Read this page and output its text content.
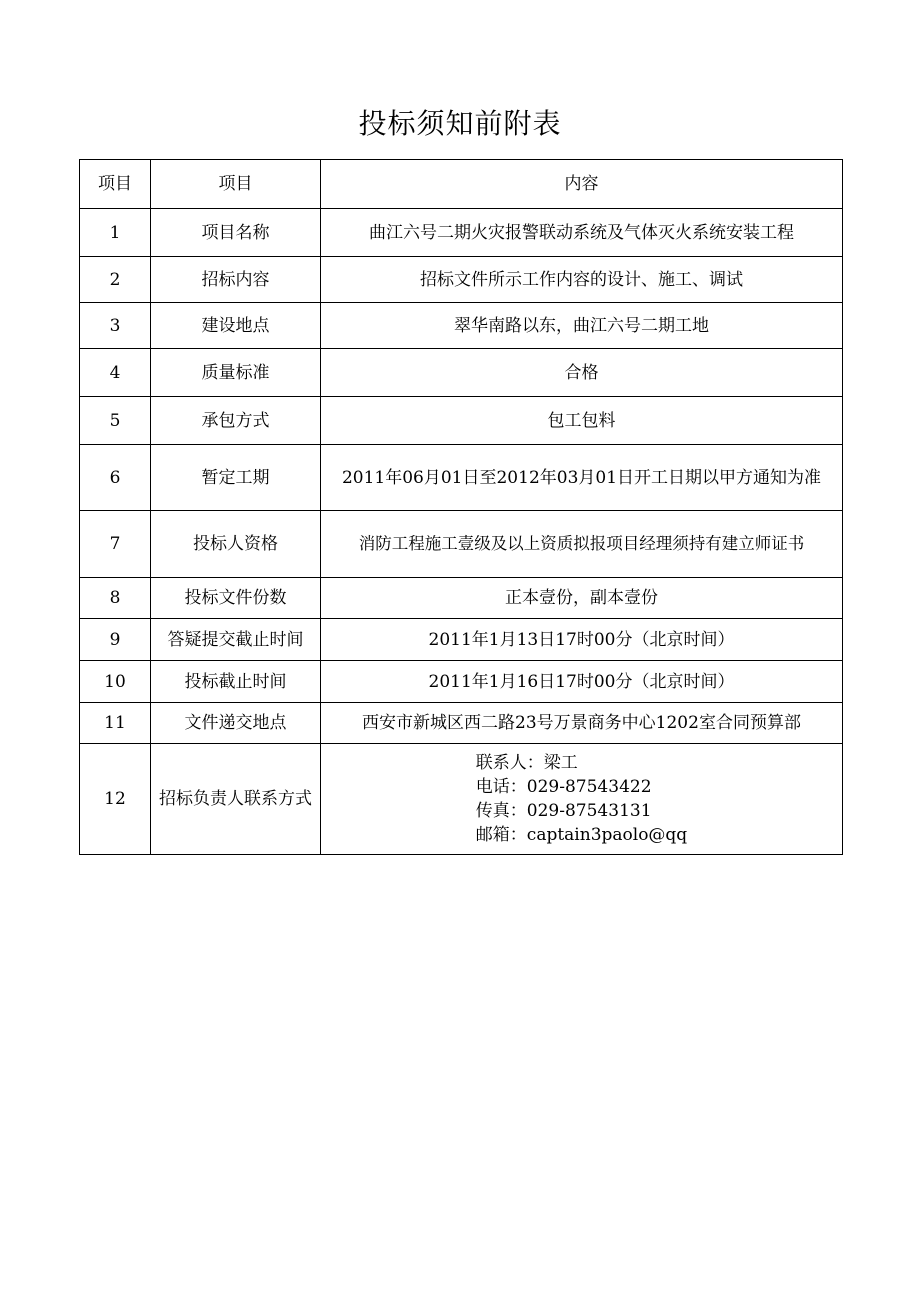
投标须知前附表
项目	项目	内容
1	项目名称	曲江六号二期火灾报警联动系统及气体灭火系统安装工程
2	招标内容	招标文件所示工作内容的设计、施工、调试
3	建设地点	翠华南路以东，曲江六号二期工地
4	质量标准	合格
5	承包方式	包工包料
6	暂定工期	2011年06月01日至2012年03月01日开工日期以甲方通知为准
7	投标人资格	消防工程施工壹级及以上资质拟报项目经理须持有建立师证书
8	投标文件份数	正本壹份，副本壹份
9	答疑提交截止时间	2011年1月13日17时00分（北京时间）
10	投标截止时间	2011年1月16日17时00分（北京时间）
11	文件递交地点	西安市新城区西二路23号万景商务中心1202室合同预算部
12	招标负责人联系方式	联系人：梁工
电话：029-87543422
传真：029-87543131
邮箱：captain3paolo@qq
